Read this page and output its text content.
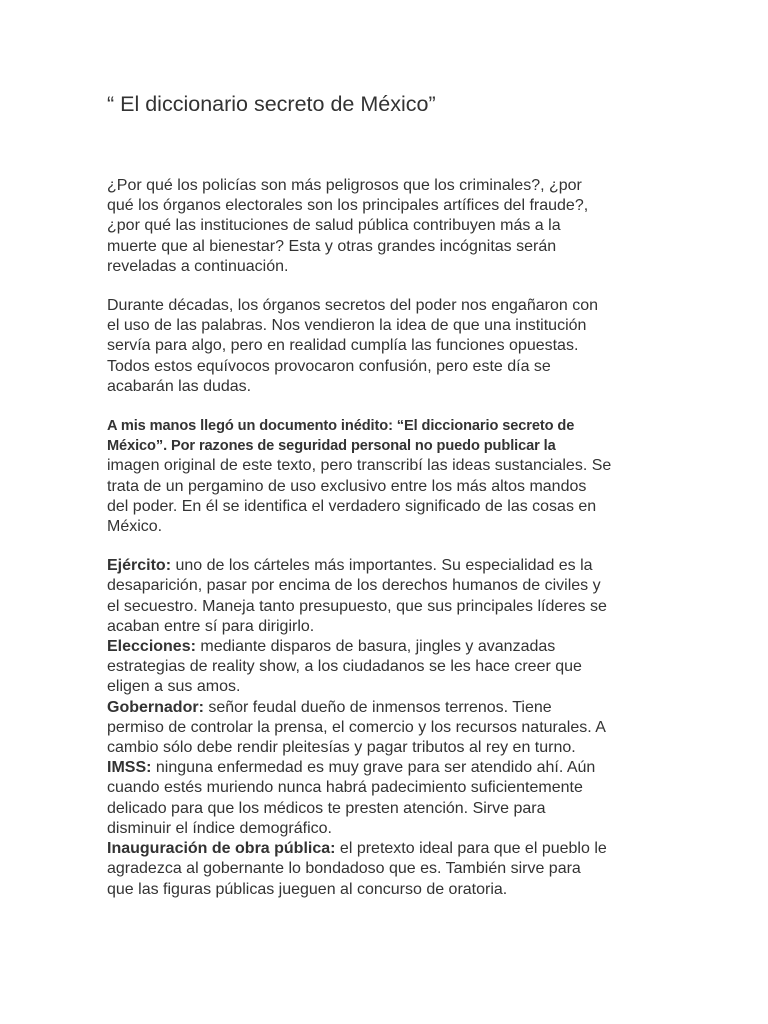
“ El diccionario secreto de México”
¿Por qué los policías son más peligrosos que los criminales?, ¿por
qué los órganos electorales son los principales artífices del fraude?,
¿por qué las instituciones de salud pública contribuyen más a la
muerte que al bienestar? Esta y otras grandes incógnitas serán
reveladas a continuación.
Durante décadas, los órganos secretos del poder nos engañaron con
el uso de las palabras. Nos vendieron la idea de que una institución
servía para algo, pero en realidad cumplía las funciones opuestas.
Todos estos equívocos provocaron confusión, pero este día se
acabarán las dudas.
A mis manos llegó un documento inédito: “El diccionario secreto de
México”. Por razones de seguridad personal no puedo publicar la
imagen original de este texto, pero transcribí las ideas sustanciales. Se
trata de un pergamino de uso exclusivo entre los más altos mandos
del poder. En él se identifica el verdadero significado de las cosas en
México.
Ejército: uno de los cárteles más importantes. Su especialidad es la
desaparición, pasar por encima de los derechos humanos de civiles y
el secuestro. Maneja tanto presupuesto, que sus principales líderes se
acaban entre sí para dirigirlo.
Elecciones: mediante disparos de basura, jingles y avanzadas
estrategias de reality show, a los ciudadanos se les hace creer que
eligen a sus amos.
Gobernador: señor feudal dueño de inmensos terrenos. Tiene
permiso de controlar la prensa, el comercio y los recursos naturales. A
cambio sólo debe rendir pleitesías y pagar tributos al rey en turno.
IMSS: ninguna enfermedad es muy grave para ser atendido ahí. Aún
cuando estés muriendo nunca habrá padecimiento suficientemente
delicado para que los médicos te presten atención. Sirve para
disminuir el índice demográfico.
Inauguración de obra pública: el pretexto ideal para que el pueblo le
agradezca al gobernante lo bondadoso que es. También sirve para
que las figuras públicas jueguen al concurso de oratoria.
